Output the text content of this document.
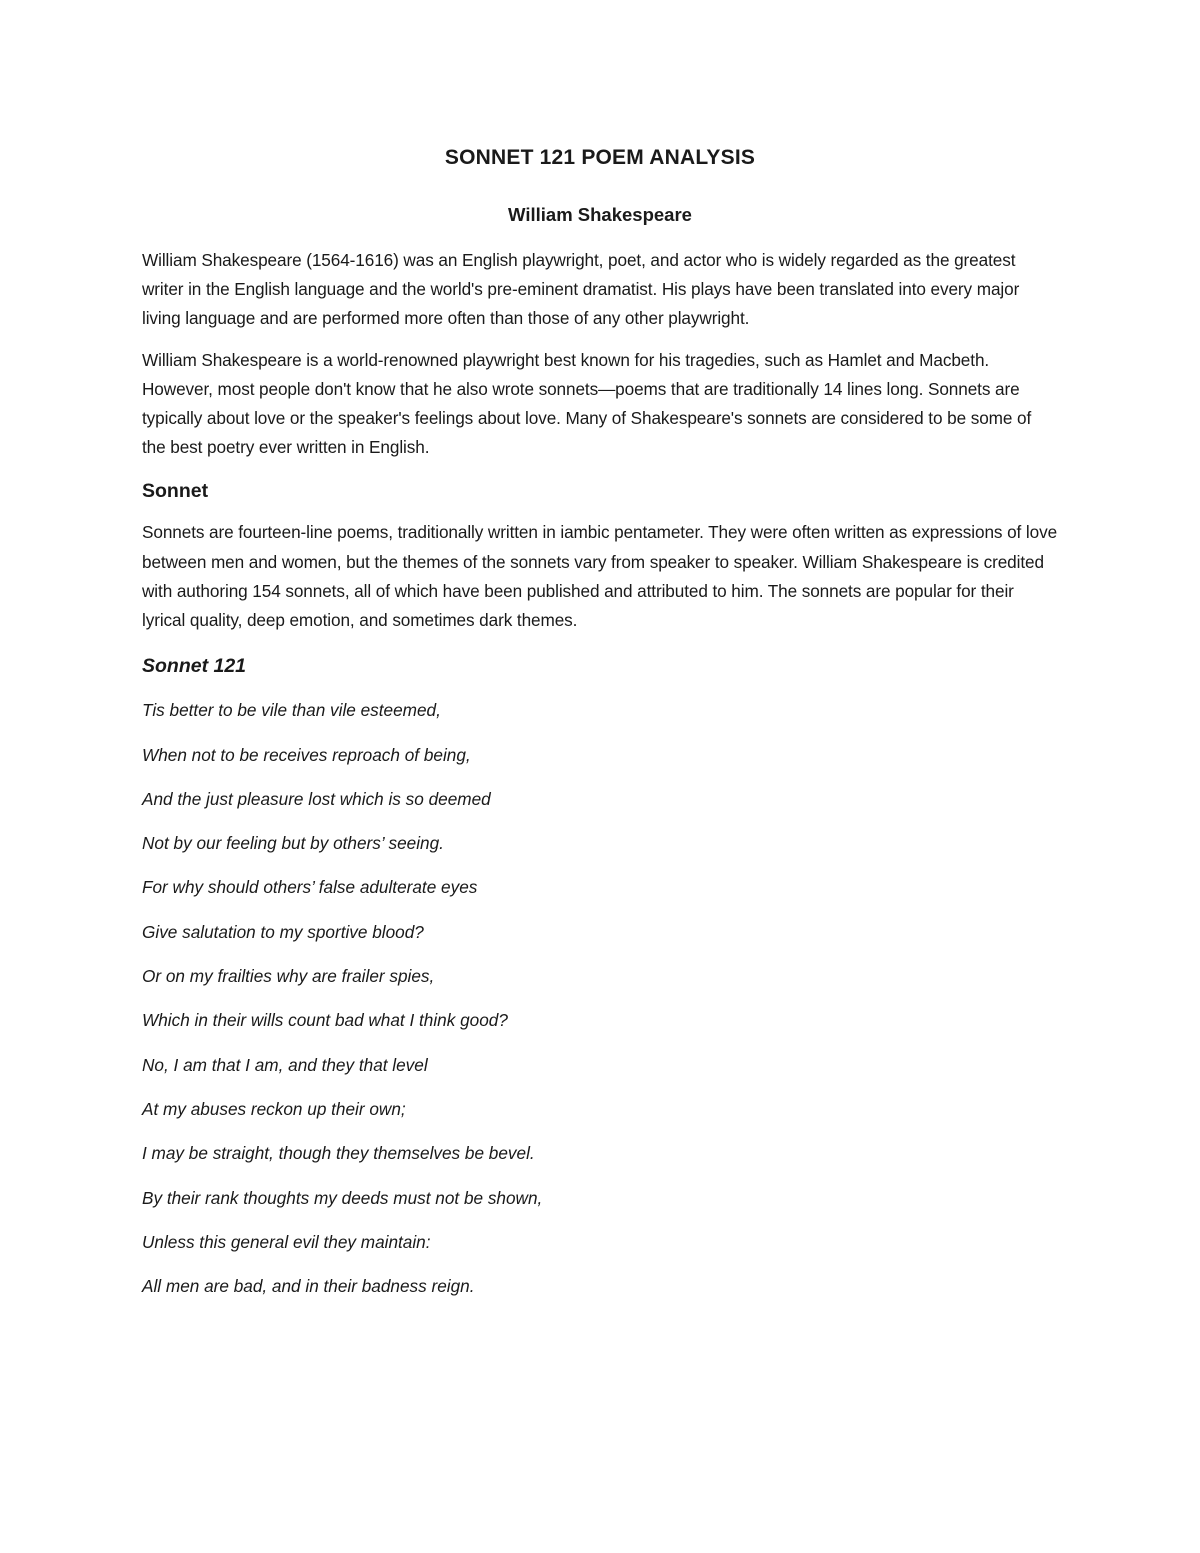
SONNET 121 POEM ANALYSIS
William Shakespeare

William Shakespeare (1564-1616) was an English playwright, poet, and actor who is widely regarded as the greatest writer in the English language and the world's pre-eminent dramatist. His plays have been translated into every major living language and are performed more often than those of any other playwright.

William Shakespeare is a world-renowned playwright best known for his tragedies, such as Hamlet and Macbeth. However, most people don't know that he also wrote sonnets—poems that are traditionally 14 lines long. Sonnets are typically about love or the speaker's feelings about love. Many of Shakespeare's sonnets are considered to be some of the best poetry ever written in English.

Sonnet

Sonnets are fourteen-line poems, traditionally written in iambic pentameter. They were often written as expressions of love between men and women, but the themes of the sonnets vary from speaker to speaker. William Shakespeare is credited with authoring 154 sonnets, all of which have been published and attributed to him. The sonnets are popular for their lyrical quality, deep emotion, and sometimes dark themes.

Sonnet 121
Tis better to be vile than vile esteemed,
When not to be receives reproach of being,
And the just pleasure lost which is so deemed
Not by our feeling but by others’ seeing.
For why should others’ false adulterate eyes
Give salutation to my sportive blood?
Or on my frailties why are frailer spies,
Which in their wills count bad what I think good?
No, I am that I am, and they that level
At my abuses reckon up their own;
I may be straight, though they themselves be bevel.
By their rank thoughts my deeds must not be shown,
Unless this general evil they maintain:
All men are bad, and in their badness reign.
